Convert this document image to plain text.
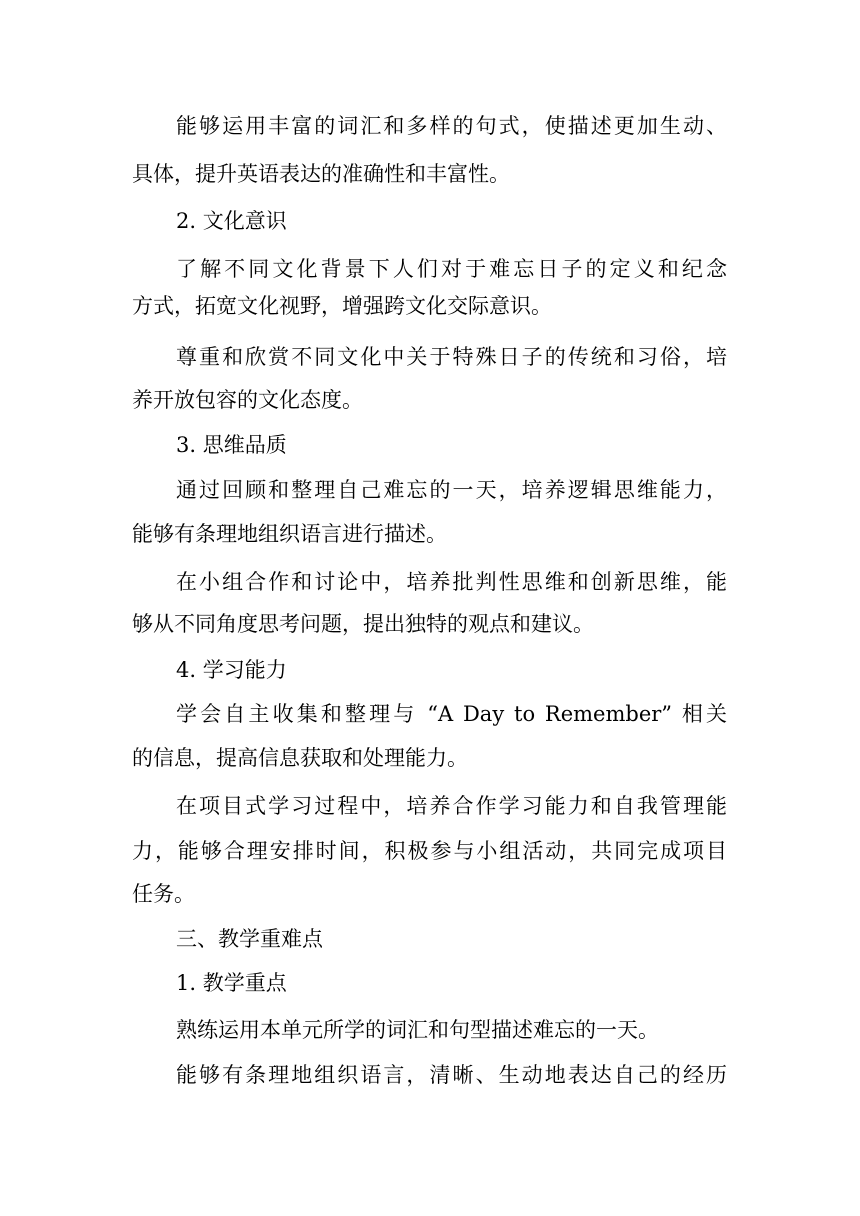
能够运用丰富的词汇和多样的句式，使描述更加生动、
具体，提升英语表达的准确性和丰富性。
2. 文化意识
了解不同文化背景下人们对于难忘日子的定义和纪念
方式，拓宽文化视野，增强跨文化交际意识。
尊重和欣赏不同文化中关于特殊日子的传统和习俗，培
养开放包容的文化态度。
3. 思维品质
通过回顾和整理自己难忘的一天，培养逻辑思维能力，
能够有条理地组织语言进行描述。
在小组合作和讨论中，培养批判性思维和创新思维，能
够从不同角度思考问题，提出独特的观点和建议。
4. 学习能力
学会自主收集和整理与 “A Day to Remember” 相关
的信息，提高信息获取和处理能力。
在项目式学习过程中，培养合作学习能力和自我管理能
力，能够合理安排时间，积极参与小组活动，共同完成项目
任务。
三、教学重难点
1. 教学重点
熟练运用本单元所学的词汇和句型描述难忘的一天。
能够有条理地组织语言，清晰、生动地表达自己的经历
